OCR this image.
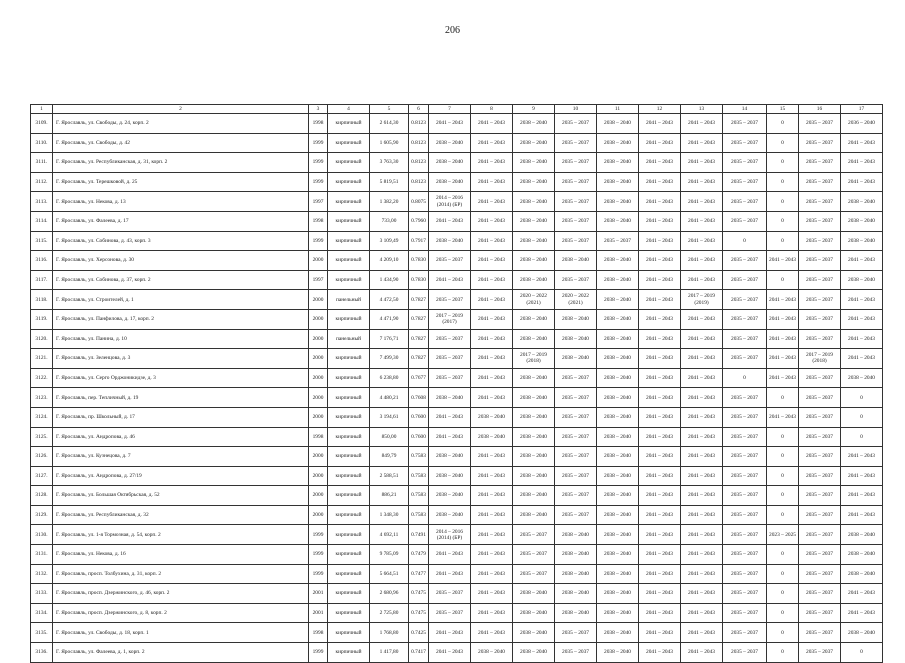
206
1	2	3	4	5	6	7	8	9	10	11	12	13	14	15	16	17
3109.	Г. Ярославль, ул. Свободы, д. 24, корп. 2	1998	кирпичный	2 614,30	0.8123	2041 – 2043	2041 – 2043	2038 – 2040	2035 – 2037	2038 – 2040	2041 – 2043	2041 – 2043	2035 – 2037	0	2035 – 2037	2036 – 2040
3110.	Г. Ярославль, ул. Свободы, д. 42	1999	кирпичный	1 605,90	0.8123	2038 – 2040	2041 – 2043	2038 – 2040	2035 – 2037	2038 – 2040	2041 – 2043	2041 – 2043	2035 – 2037	0	2035 – 2037	2041 – 2043
3111.	Г. Ярославль, ул. Республиканская, д. 31, корп. 2	1999	кирпичный	3 763,30	0.8123	2038 – 2040	2041 – 2043	2038 – 2040	2035 – 2037	2038 – 2040	2041 – 2043	2041 – 2043	2035 – 2037	0	2035 – 2037	2041 – 2043
3112.	Г. Ярославль, ул. Терешковой, д. 25	1999	кирпичный	5 819,51	0.8123	2038 – 2040	2041 – 2043	2038 – 2040	2035 – 2037	2038 – 2040	2041 – 2043	2041 – 2043	2035 – 2037	0	2035 – 2037	2041 – 2043
3113.	Г. Ярославль, ул. Некова, д. 13	1997	кирпичный	1 382,20	0.8075	2014 – 2016 (2014) (БР)	2041 – 2043	2038 – 2040	2035 – 2037	2038 – 2040	2041 – 2043	2041 – 2043	2035 – 2037	0	2035 – 2037	2038 – 2040
3114.	Г. Ярославль, ул. Фалеева, д. 17	1998	кирпичный	733,00	0.7960	2041 – 2043	2041 – 2043	2038 – 2040	2035 – 2037	2038 – 2040	2041 – 2043	2041 – 2043	2035 – 2037	0	2035 – 2037	2038 – 2040
3115.	Г. Ярославль, ул. Собинова, д. 43, корп. 3	1999	кирпичный	3 109,49	0.7917	2038 – 2040	2041 – 2043	2038 – 2040	2035 – 2037	2035 – 2037	2041 – 2043	2041 – 2043	0	0	2035 – 2037	2038 – 2040
3116.	Г. Ярославль, ул. Херсонова, д. 30	2000	кирпичный	4 209,10	0.7830	2035 – 2037	2041 – 2043	2038 – 2040	2038 – 2040	2038 – 2040	2041 – 2043	2041 – 2043	2035 – 2037	2041 – 2043	2035 – 2037	2041 – 2043
3117.	Г. Ярославль, ул. Собинова, д. 37, корп. 2	1997	кирпичный	1 434,90	0.7830	2041 – 2043	2041 – 2043	2038 – 2040	2035 – 2037	2038 – 2040	2041 – 2043	2041 – 2043	2035 – 2037	0	2035 – 2037	2038 – 2040
3118.	Г. Ярославль, ул. Строителей, д. 1	2000	панельный	4 472,50	0.7827	2035 – 2037	2041 – 2043	2020 – 2022 (2021)	2020 – 2022 (2021)	2038 – 2040	2041 – 2043	2017 – 2019 (2019)	2035 – 2037	2041 – 2043	2035 – 2037	2041 – 2043
3119.	Г. Ярославль, ул. Панфилова, д. 17, корп. 2	2000	кирпичный	4 471,90	0.7827	2017 – 2019 (2017)	2041 – 2043	2038 – 2040	2038 – 2040	2038 – 2040	2041 – 2043	2041 – 2043	2035 – 2037	2041 – 2043	2035 – 2037	2041 – 2043
3120.	Г. Ярославль, ул. Панина, д. 10	2000	панельный	7 176,71	0.7827	2035 – 2037	2041 – 2043	2038 – 2040	2038 – 2040	2038 – 2040	2041 – 2043	2041 – 2043	2035 – 2037	2041 – 2043	2035 – 2037	2041 – 2043
3121.	Г. Ярославль, ул. Зеленцова, д. 3	2000	кирпичный	7 499,30	0.7827	2035 – 2037	2041 – 2043	2017 – 2019 (2018)	2038 – 2040	2038 – 2040	2041 – 2043	2041 – 2043	2035 – 2037	2041 – 2043	2017 – 2019 (2018)	2041 – 2043
3122.	Г. Ярославль, ул. Серго Орджоникидзе, д. 3	2000	кирпичный	6 238,80	0.7677	2035 – 2037	2041 – 2043	2038 – 2040	2035 – 2037	2038 – 2040	2041 – 2043	2041 – 2043	0	2041 – 2043	2035 – 2037	2038 – 2040
3123.	Г. Ярославль, пер. Тепличный, д. 19	2000	кирпичный	4 480,21	0.7608	2038 – 2040	2041 – 2043	2038 – 2040	2035 – 2037	2038 – 2040	2041 – 2043	2041 – 2043	2035 – 2037	0	2035 – 2037	0
3124.	Г. Ярославль, пр. Школьный, д. 17	2000	кирпичный	3 194,61	0.7600	2041 – 2043	2038 – 2040	2038 – 2040	2035 – 2037	2038 – 2040	2041 – 2043	2041 – 2043	2035 – 2037	2041 – 2043	2035 – 2037	0
3125.	Г. Ярославль, ул. Андропова, д. 46	1998	кирпичный	850,00	0.7600	2041 – 2043	2038 – 2040	2038 – 2040	2035 – 2037	2038 – 2040	2041 – 2043	2041 – 2043	2035 – 2037	0	2035 – 2037	0
3126.	Г. Ярославль, ул. Кузнецова, д. 7	2000	кирпичный	849,79	0.7583	2038 – 2040	2041 – 2043	2038 – 2040	2035 – 2037	2038 – 2040	2041 – 2043	2041 – 2043	2035 – 2037	0	2035 – 2037	2041 – 2043
3127.	Г. Ярославль, ул. Андропова, д. 27/19	2000	кирпичный	2 588,51	0.7583	2038 – 2040	2041 – 2043	2038 – 2040	2035 – 2037	2038 – 2040	2041 – 2043	2041 – 2043	2035 – 2037	0	2035 – 2037	2041 – 2043
3128.	Г. Ярославль, ул. Большая Октябрьская, д. 52	2000	кирпичный	886,21	0.7583	2038 – 2040	2041 – 2043	2038 – 2040	2035 – 2037	2038 – 2040	2041 – 2043	2041 – 2043	2035 – 2037	0	2035 – 2037	2041 – 2043
3129.	Г. Ярославль, ул. Республиканская, д. 32	2000	кирпичный	1 348,30	0.7583	2038 – 2040	2041 – 2043	2038 – 2040	2035 – 2037	2038 – 2040	2041 – 2043	2041 – 2043	2035 – 2037	0	2035 – 2037	2041 – 2043
3130.	Г. Ярославль, ул. 1-я Тормозная, д. 54, корп. 2	1999	кирпичный	4 692,11	0.7491	2014 – 2016 (2014) (БР)	2041 – 2043	2035 – 2037	2038 – 2040	2038 – 2040	2041 – 2043	2041 – 2043	2035 – 2037	2023 – 2025	2035 – 2037	2038 – 2040
3131.	Г. Ярославль, ул. Некова, д. 16	1999	кирпичный	9 785,09	0.7479	2041 – 2043	2041 – 2043	2035 – 2037	2038 – 2040	2038 – 2040	2041 – 2043	2041 – 2043	2035 – 2037	0	2035 – 2037	2038 – 2040
3132.	Г. Ярославль, просп. Толбухина, д. 31, корп. 2	1999	кирпичный	5 664,51	0.7477	2041 – 2043	2041 – 2043	2035 – 2037	2038 – 2040	2038 – 2040	2041 – 2043	2041 – 2043	2035 – 2037	0	2035 – 2037	2038 – 2040
3133.	Г. Ярославль, просп. Дзержинского, д. 46, корп. 2	2001	кирпичный	2 680,96	0.7475	2035 – 2037	2041 – 2043	2038 – 2040	2038 – 2040	2038 – 2040	2041 – 2043	2041 – 2043	2035 – 2037	0	2035 – 2037	2041 – 2043
3134.	Г. Ярославль, просп. Дзержинского, д. 8, корп. 2	2001	кирпичный	2 725,80	0.7475	2035 – 2037	2041 – 2043	2038 – 2040	2038 – 2040	2038 – 2040	2041 – 2043	2041 – 2043	2035 – 2037	0	2035 – 2037	2041 – 2043
3135.	Г. Ярославль, ул. Свободы, д. 18, корп. 1	1998	кирпичный	1 768,80	0.7425	2041 – 2043	2041 – 2043	2038 – 2040	2035 – 2037	2038 – 2040	2041 – 2043	2041 – 2043	2035 – 2037	0	2035 – 2037	2038 – 2040
3136.	Г. Ярославль, ул. Фалеева, д. 1, корп. 2	1999	кирпичный	1 417,80	0.7417	2041 – 2043	2038 – 2040	2038 – 2040	2035 – 2037	2038 – 2040	2041 – 2043	2041 – 2043	2035 – 2037	0	2035 – 2037	0
